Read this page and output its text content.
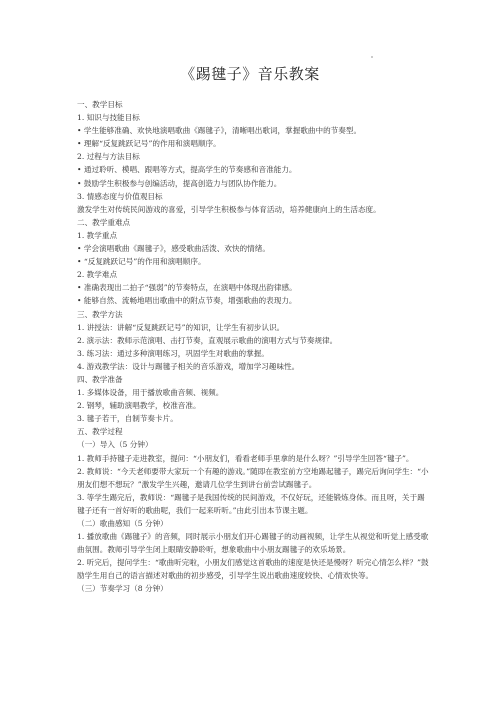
《踢毽子》音乐教案
一、教学目标
1. 知识与技能目标
• 学生能够准确、欢快地演唱歌曲《踢毽子》，清晰唱出歌词，掌握歌曲中的节奏型。
• 理解“反复跳跃记号”的作用和演唱顺序。
2. 过程与方法目标
• 通过聆听、模唱、跟唱等方式，提高学生的节奏感和音准能力。
• 鼓励学生积极参与创编活动，提高创造力与团队协作能力。
3. 情感态度与价值观目标
激发学生对传统民间游戏的喜爱，引导学生积极参与体育活动，培养健康向上的生活态度。
二、教学重难点
1. 教学重点
• 学会演唱歌曲《踢毽子》，感受歌曲活泼、欢快的情绪。
• “反复跳跃记号”的作用和演唱顺序。
2. 教学难点
• 准确表现出二拍子“强弱”的节奏特点，在演唱中体现出韵律感。
• 能够自然、流畅地唱出歌曲中的附点节奏，增强歌曲的表现力。
三、教学方法
1. 讲授法：讲解“反复跳跃记号”的知识，让学生有初步认识。
2. 演示法：教师示范演唱、击打节奏，直观展示歌曲的演唱方式与节奏规律。
3. 练习法：通过多种演唱练习，巩固学生对歌曲的掌握。
4. 游戏教学法：设计与踢毽子相关的音乐游戏，增加学习趣味性。
四、教学准备
1. 多媒体设备，用于播放歌曲音频、视频。
2. 钢琴，辅助演唱教学，校准音准。
3. 毽子若干，自制节奏卡片。
五、教学过程
（一）导入（5 分钟）
1. 教师手持毽子走进教室，提问：“小朋友们，看看老师手里拿的是什么呀？”引导学生回答“毽子”。
2. 教师说：“今天老师要带大家玩一个有趣的游戏。”随即在教室前方空地踢起毽子，踢完后询问学生：“小朋友们想不想玩？”激发学生兴趣，邀请几位学生到讲台前尝试踢毽子。
3. 等学生踢完后，教师说：“踢毽子是我国传统的民间游戏，不仅好玩，还能锻炼身体。而且呀，关于踢毽子还有一首好听的歌曲呢，我们一起来听听。”由此引出本节课主题。
（二）歌曲感知（5 分钟）
1. 播放歌曲《踢毽子》的音频，同时展示小朋友们开心踢毽子的动画视频，让学生从视觉和听觉上感受歌曲氛围。教师引导学生闭上眼睛安静聆听，想象歌曲中小朋友踢毽子的欢乐场景。
2. 听完后，提问学生：“歌曲听完啦，小朋友们感觉这首歌曲的速度是快还是慢呀？听完心情怎么样？”鼓励学生用自己的语言描述对歌曲的初步感受，引导学生说出歌曲速度较快、心情欢快等。
（三）节奏学习（8 分钟）
